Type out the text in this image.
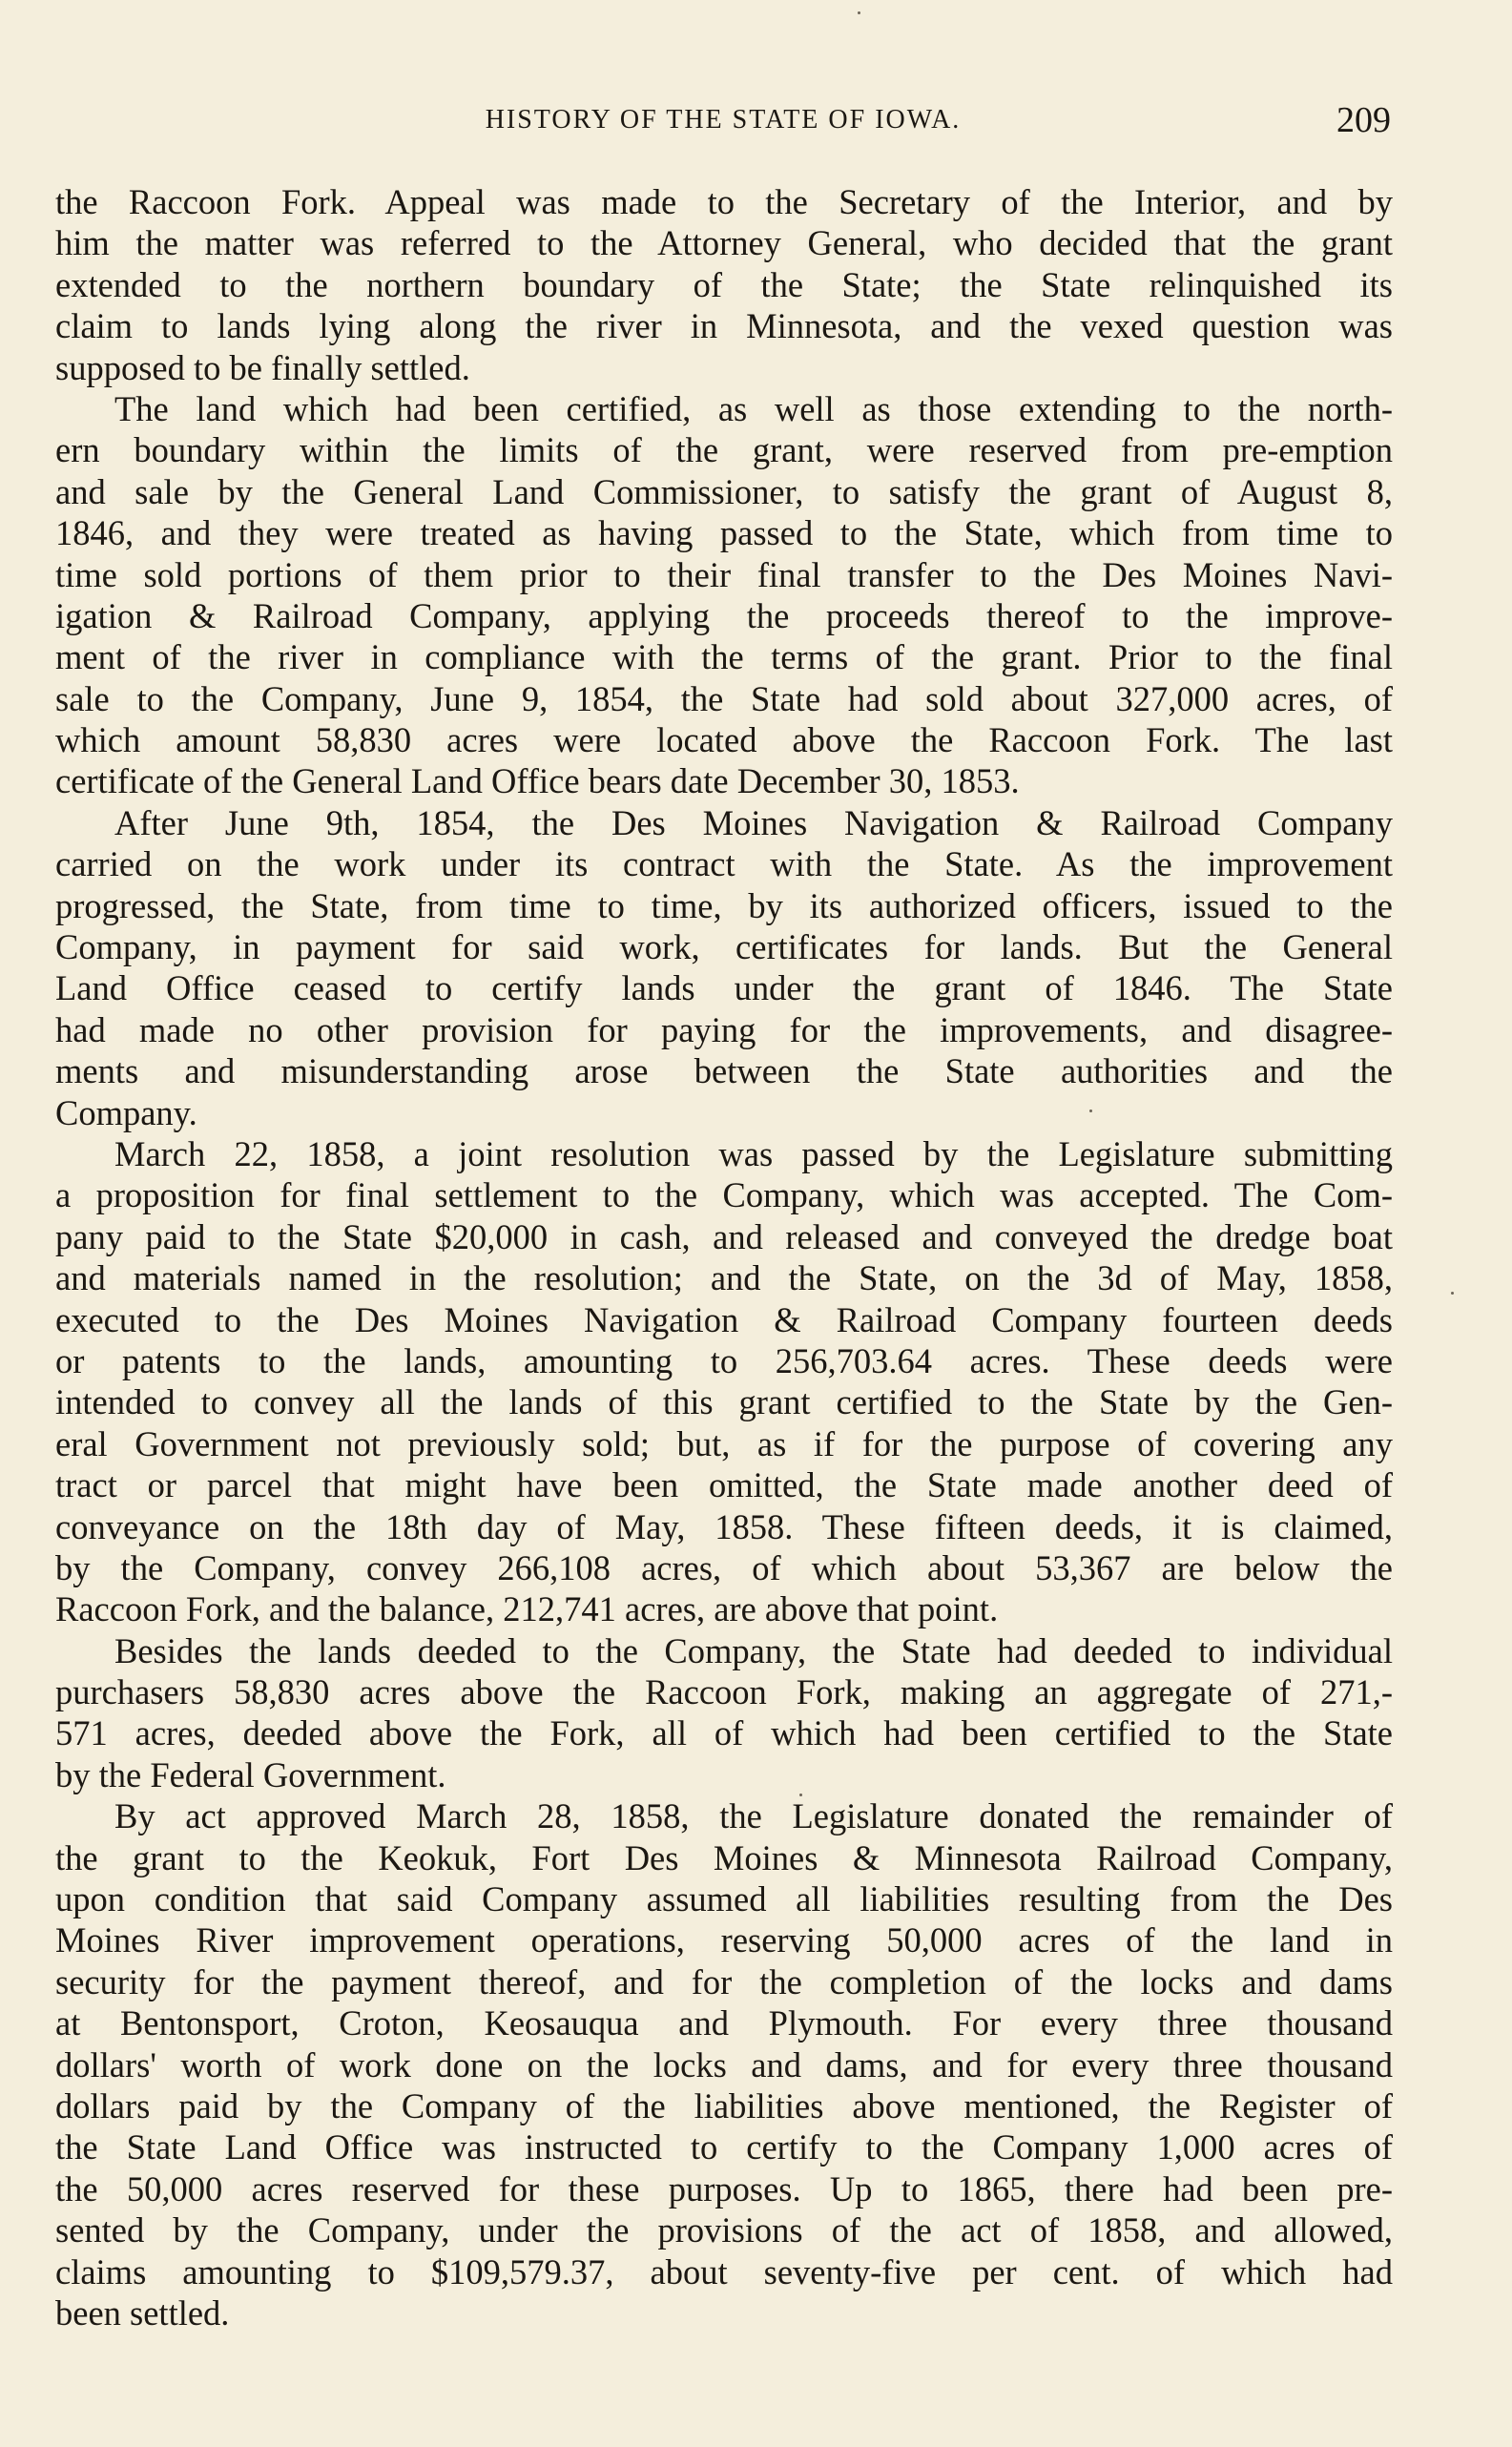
HISTORY OF THE STATE OF IOWA.	209
the Raccoon Fork. Appeal was made to the Secretary of the Interior, and by
him the matter was referred to the Attorney General, who decided that the grant
extended to the northern boundary of the State; the State relinquished its
claim to lands lying along the river in Minnesota, and the vexed question was
supposed to be finally settled.
The land which had been certified, as well as those extending to the north-
ern boundary within the limits of the grant, were reserved from pre-emption
and sale by the General Land Commissioner, to satisfy the grant of August 8,
1846, and they were treated as having passed to the State, which from time to
time sold portions of them prior to their final transfer to the Des Moines Navi-
igation & Railroad Company, applying the proceeds thereof to the improve-
ment of the river in compliance with the terms of the grant. Prior to the final
sale to the Company, June 9, 1854, the State had sold about 327,000 acres, of
which amount 58,830 acres were located above the Raccoon Fork. The last
certificate of the General Land Office bears date December 30, 1853.
After June 9th, 1854, the Des Moines Navigation & Railroad Company
carried on the work under its contract with the State. As the improvement
progressed, the State, from time to time, by its authorized officers, issued to the
Company, in payment for said work, certificates for lands. But the General
Land Office ceased to certify lands under the grant of 1846. The State
had made no other provision for paying for the improvements, and disagree-
ments and misunderstanding arose between the State authorities and the
Company.
March 22, 1858, a joint resolution was passed by the Legislature submitting
a proposition for final settlement to the Company, which was accepted. The Com-
pany paid to the State $20,000 in cash, and released and conveyed the dredge boat
and materials named in the resolution; and the State, on the 3d of May, 1858,
executed to the Des Moines Navigation & Railroad Company fourteen deeds
or patents to the lands, amounting to 256,703.64 acres. These deeds were
intended to convey all the lands of this grant certified to the State by the Gen-
eral Government not previously sold; but, as if for the purpose of covering any
tract or parcel that might have been omitted, the State made another deed of
conveyance on the 18th day of May, 1858. These fifteen deeds, it is claimed,
by the Company, convey 266,108 acres, of which about 53,367 are below the
Raccoon Fork, and the balance, 212,741 acres, are above that point.
Besides the lands deeded to the Company, the State had deeded to individual
purchasers 58,830 acres above the Raccoon Fork, making an aggregate of 271,-
571 acres, deeded above the Fork, all of which had been certified to the State
by the Federal Government.
By act approved March 28, 1858, the Legislature donated the remainder of
the grant to the Keokuk, Fort Des Moines & Minnesota Railroad Company,
upon condition that said Company assumed all liabilities resulting from the Des
Moines River improvement operations, reserving 50,000 acres of the land in
security for the payment thereof, and for the completion of the locks and dams
at Bentonsport, Croton, Keosauqua and Plymouth. For every three thousand
dollars' worth of work done on the locks and dams, and for every three thousand
dollars paid by the Company of the liabilities above mentioned, the Register of
the State Land Office was instructed to certify to the Company 1,000 acres of
the 50,000 acres reserved for these purposes. Up to 1865, there had been pre-
sented by the Company, under the provisions of the act of 1858, and allowed,
claims amounting to $109,579.37, about seventy-five per cent. of which had
been settled.
